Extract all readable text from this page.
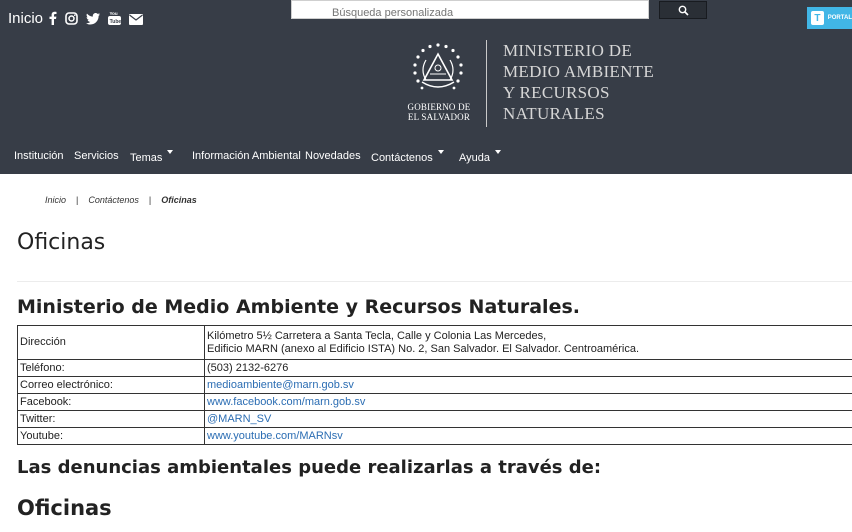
Inicio	You
Tube
Búsqueda personalizada	T	PORTAL
GOBIERNO DE
EL SALVADOR
MINISTERIO DE
MEDIO AMBIENTE
Y RECURSOS
NATURALES
Institución Servicios Temas	Información Ambiental Novedades Contáctenos	Ayuda
Inicio | Contáctenos | Oficinas
Oficinas
Ministerio de Medio Ambiente y Recursos Naturales.
Dirección	Kilómetro 5½ Carretera a Santa Tecla, Calle y Colonia Las Mercedes,
Edificio MARN (anexo al Edificio ISTA) No. 2, San Salvador. El Salvador. Centroamérica.

Teléfono:	(503) 2132-6276
Correo electrónico:	medioambiente@marn.gob.sv
Facebook:	www.facebook.com/marn.gob.sv
Twitter:	@MARN_SV
Youtube:	www.youtube.com/MARNsv
Las denuncias ambientales puede realizarlas a través de:
Oficinas
